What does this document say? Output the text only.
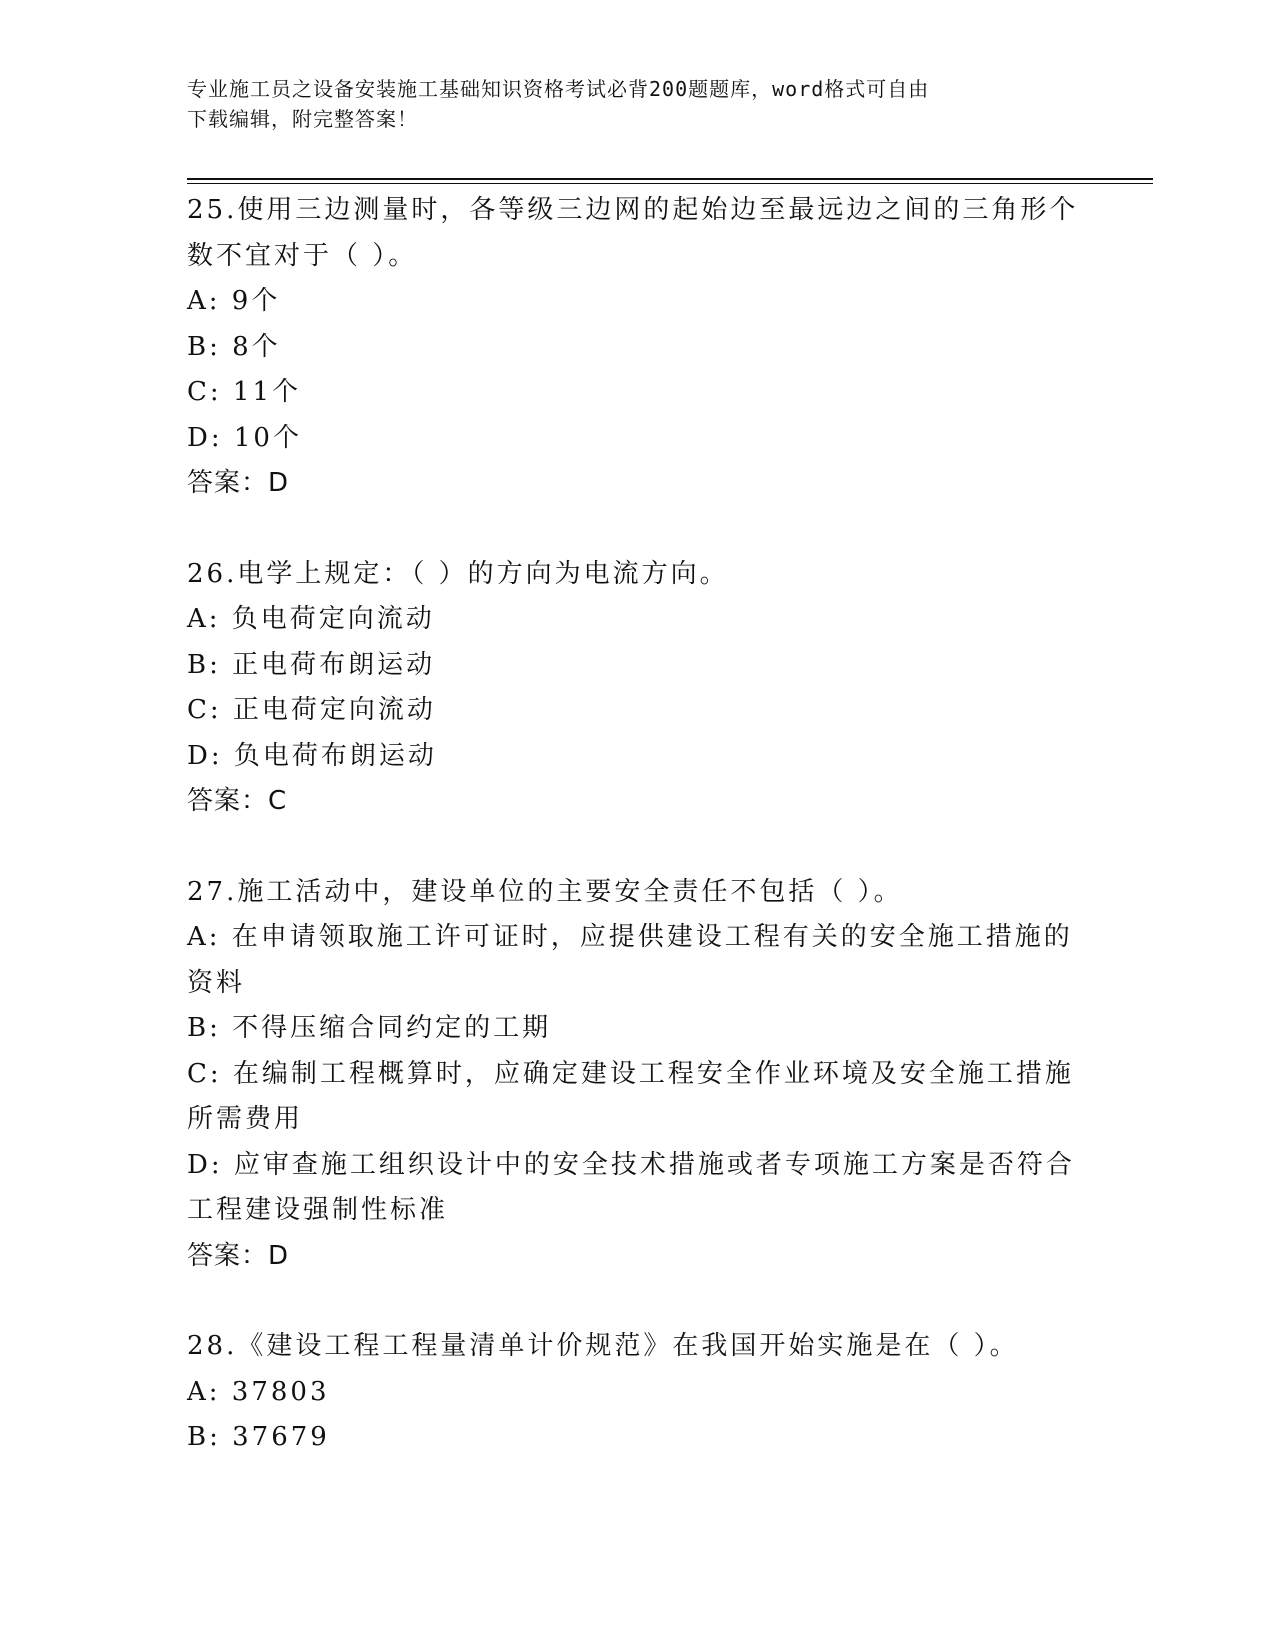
专业施工员之设备安装施工基础知识资格考试必背200题题库，word格式可自由
下载编辑，附完整答案！
25.使用三边测量时，各等级三边网的起始边至最远边之间的三角形个
数不宜对于（ ）。
A: 9个
B: 8个
C: 11个
D: 10个
答案：D
26.电学上规定：（ ）的方向为电流方向。
A: 负电荷定向流动
B: 正电荷布朗运动
C: 正电荷定向流动
D: 负电荷布朗运动
答案：C
27.施工活动中，建设单位的主要安全责任不包括（ ）。
A: 在申请领取施工许可证时，应提供建设工程有关的安全施工措施的
资料
B: 不得压缩合同约定的工期
C: 在编制工程概算时，应确定建设工程安全作业环境及安全施工措施
所需费用
D: 应审查施工组织设计中的安全技术措施或者专项施工方案是否符合
工程建设强制性标准
答案：D
28.《建设工程工程量清单计价规范》在我国开始实施是在（ ）。
A: 37803
B: 37679
